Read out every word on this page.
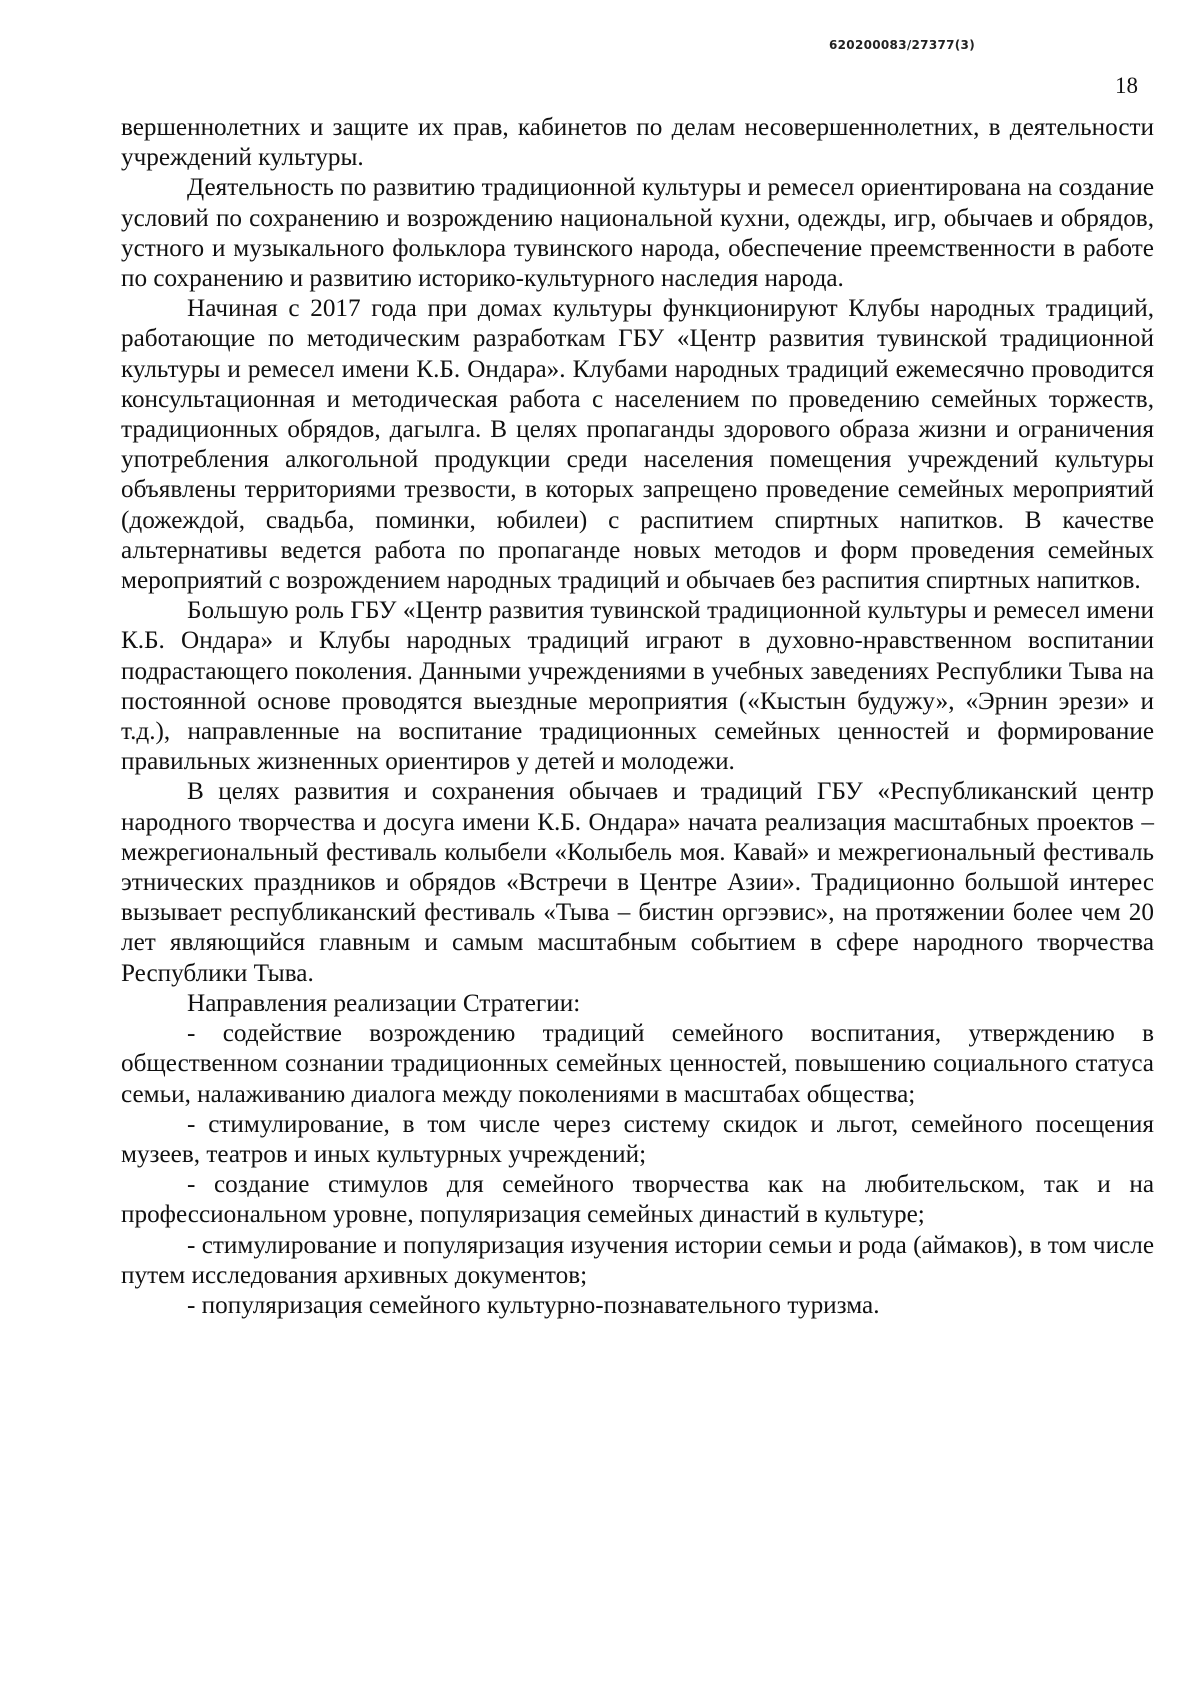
620200083/27377(3)
18

вершеннолетних и защите их прав, кабинетов по делам несовершеннолетних, в деятельности учреждений культуры.

Деятельность по развитию традиционной культуры и ремесел ориентирована на создание условий по сохранению и возрождению национальной кухни, одежды, игр, обычаев и обрядов, устного и музыкального фольклора тувинского народа, обеспечение преемственности в работе по сохранению и развитию историко-культурного наследия народа.

Начиная с 2017 года при домах культуры функционируют Клубы народных традиций, работающие по методическим разработкам ГБУ «Центр развития тувинской традиционной культуры и ремесел имени К.Б. Ондара». Клубами народных традиций ежемесячно проводится консультационная и методическая работа с населением по проведению семейных торжеств, традиционных обрядов, дагылга. В целях пропаганды здорового образа жизни и ограничения употребления алкогольной продукции среди населения помещения учреждений культуры объявлены территориями трезвости, в которых запрещено проведение семейных мероприятий (дожеждой, свадьба, поминки, юбилеи) с распитием спиртных напитков. В качестве альтернативы ведется работа по пропаганде новых методов и форм проведения семейных мероприятий с возрождением народных традиций и обычаев без распития спиртных напитков.

Большую роль ГБУ «Центр развития тувинской традиционной культуры и ремесел имени К.Б. Ондара» и Клубы народных традиций играют в духовно-нравственном воспитании подрастающего поколения. Данными учреждениями в учебных заведениях Республики Тыва на постоянной основе проводятся выездные мероприятия («Кыстын будужу», «Эрнин эрези» и т.д.), направленные на воспитание традиционных семейных ценностей и формирование правильных жизненных ориентиров у детей и молодежи.

В целях развития и сохранения обычаев и традиций ГБУ «Республиканский центр народного творчества и досуга имени К.Б. Ондара» начата реализация масштабных проектов – межрегиональный фестиваль колыбели «Колыбель моя. Кавай» и межрегиональный фестиваль этнических праздников и обрядов «Встречи в Центре Азии». Традиционно большой интерес вызывает республиканский фестиваль «Тыва – бистин оргээвис», на протяжении более чем 20 лет являющийся главным и самым масштабным событием в сфере народного творчества Республики Тыва.

Направления реализации Стратегии:

- содействие возрождению традиций семейного воспитания, утверждению в общественном сознании традиционных семейных ценностей, повышению социального статуса семьи, налаживанию диалога между поколениями в масштабах общества;

- стимулирование, в том числе через систему скидок и льгот, семейного посещения музеев, театров и иных культурных учреждений;

- создание стимулов для семейного творчества как на любительском, так и на профессиональном уровне, популяризация семейных династий в культуре;

- стимулирование и популяризация изучения истории семьи и рода (аймаков), в том числе путем исследования архивных документов;

- популяризация семейного культурно-познавательного туризма.
